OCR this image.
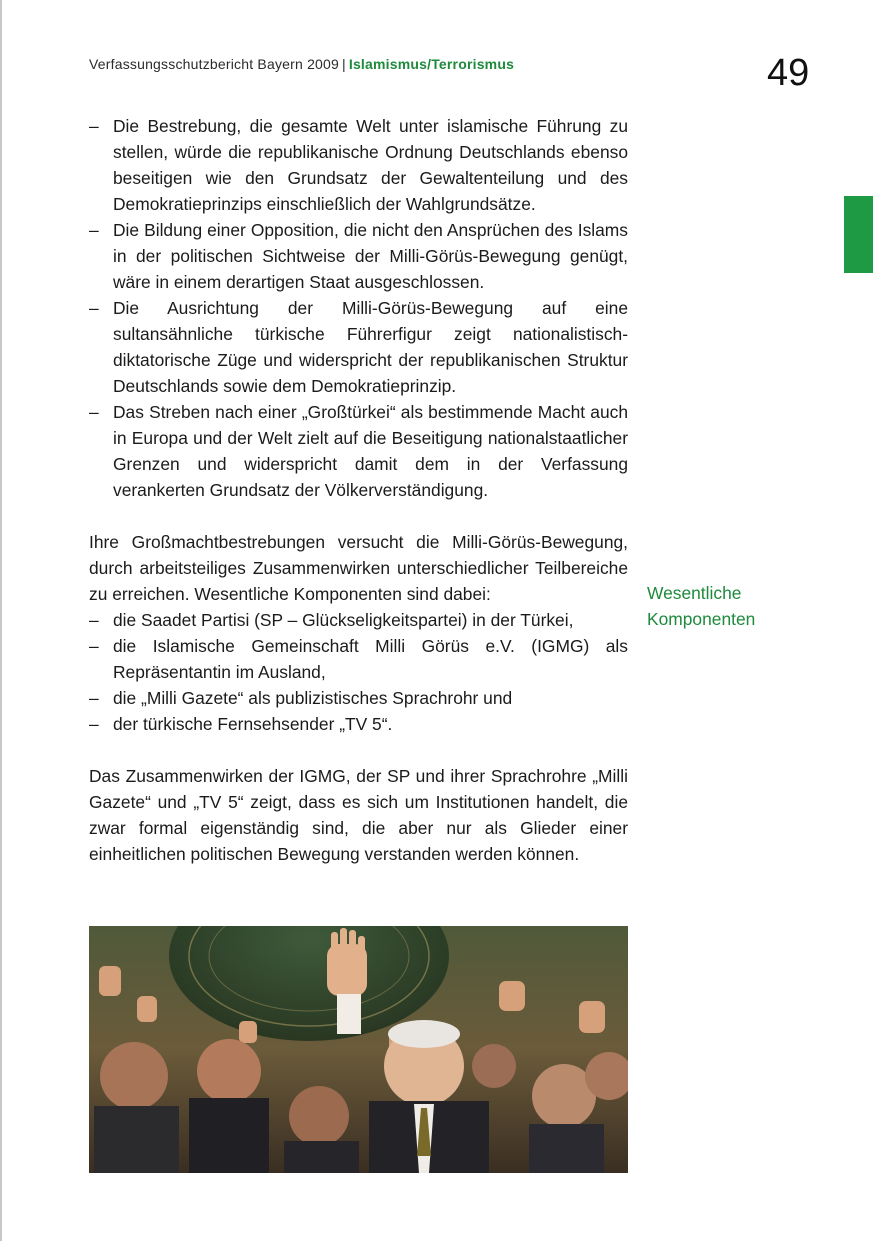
Verfassungsschutzbericht Bayern 2009 | Islamismus/Terrorismus	49
– Die Bestrebung, die gesamte Welt unter islamische Führung zu stellen, würde die republikanische Ordnung Deutschlands ebenso beseitigen wie den Grundsatz der Gewaltenteilung und des Demokratieprinzips einschließlich der Wahlgrundsätze.
– Die Bildung einer Opposition, die nicht den Ansprüchen des Islams in der politischen Sichtweise der Milli-Görüs-Bewegung genügt, wäre in einem derartigen Staat ausgeschlossen.
– Die Ausrichtung der Milli-Görüs-Bewegung auf eine sultansähnliche türkische Führerfigur zeigt nationalistisch-diktatorische Züge und widerspricht der republikanischen Struktur Deutschlands sowie dem Demokratieprinzip.
– Das Streben nach einer „Großtürkei“ als bestimmende Macht auch in Europa und der Welt zielt auf die Beseitigung nationalstaatlicher Grenzen und widerspricht damit dem in der Verfassung verankerten Grundsatz der Völkerverständigung.

Ihre Großmachtbestrebungen versucht die Milli-Görüs-Bewegung, durch arbeitsteiliges Zusammenwirken unterschiedlicher Teilbereiche zu erreichen. Wesentliche Komponenten sind dabei:

– die Saadet Partisi (SP – Glückseligkeitspartei) in der Türkei,
– die Islamische Gemeinschaft Milli Görüs e.V. (IGMG) als Repräsentantin im Ausland,
– die „Milli Gazete“ als publizistisches Sprachrohr und
– der türkische Fernsehsender „TV 5“.

Das Zusammenwirken der IGMG, der SP und ihrer Sprachrohre „Milli Gazete“ und „TV 5“ zeigt, dass es sich um Institutionen handelt, die zwar formal eigenständig sind, die aber nur als Glieder einer einheitlichen politischen Bewegung verstanden werden können.

Wesentliche
Komponenten
